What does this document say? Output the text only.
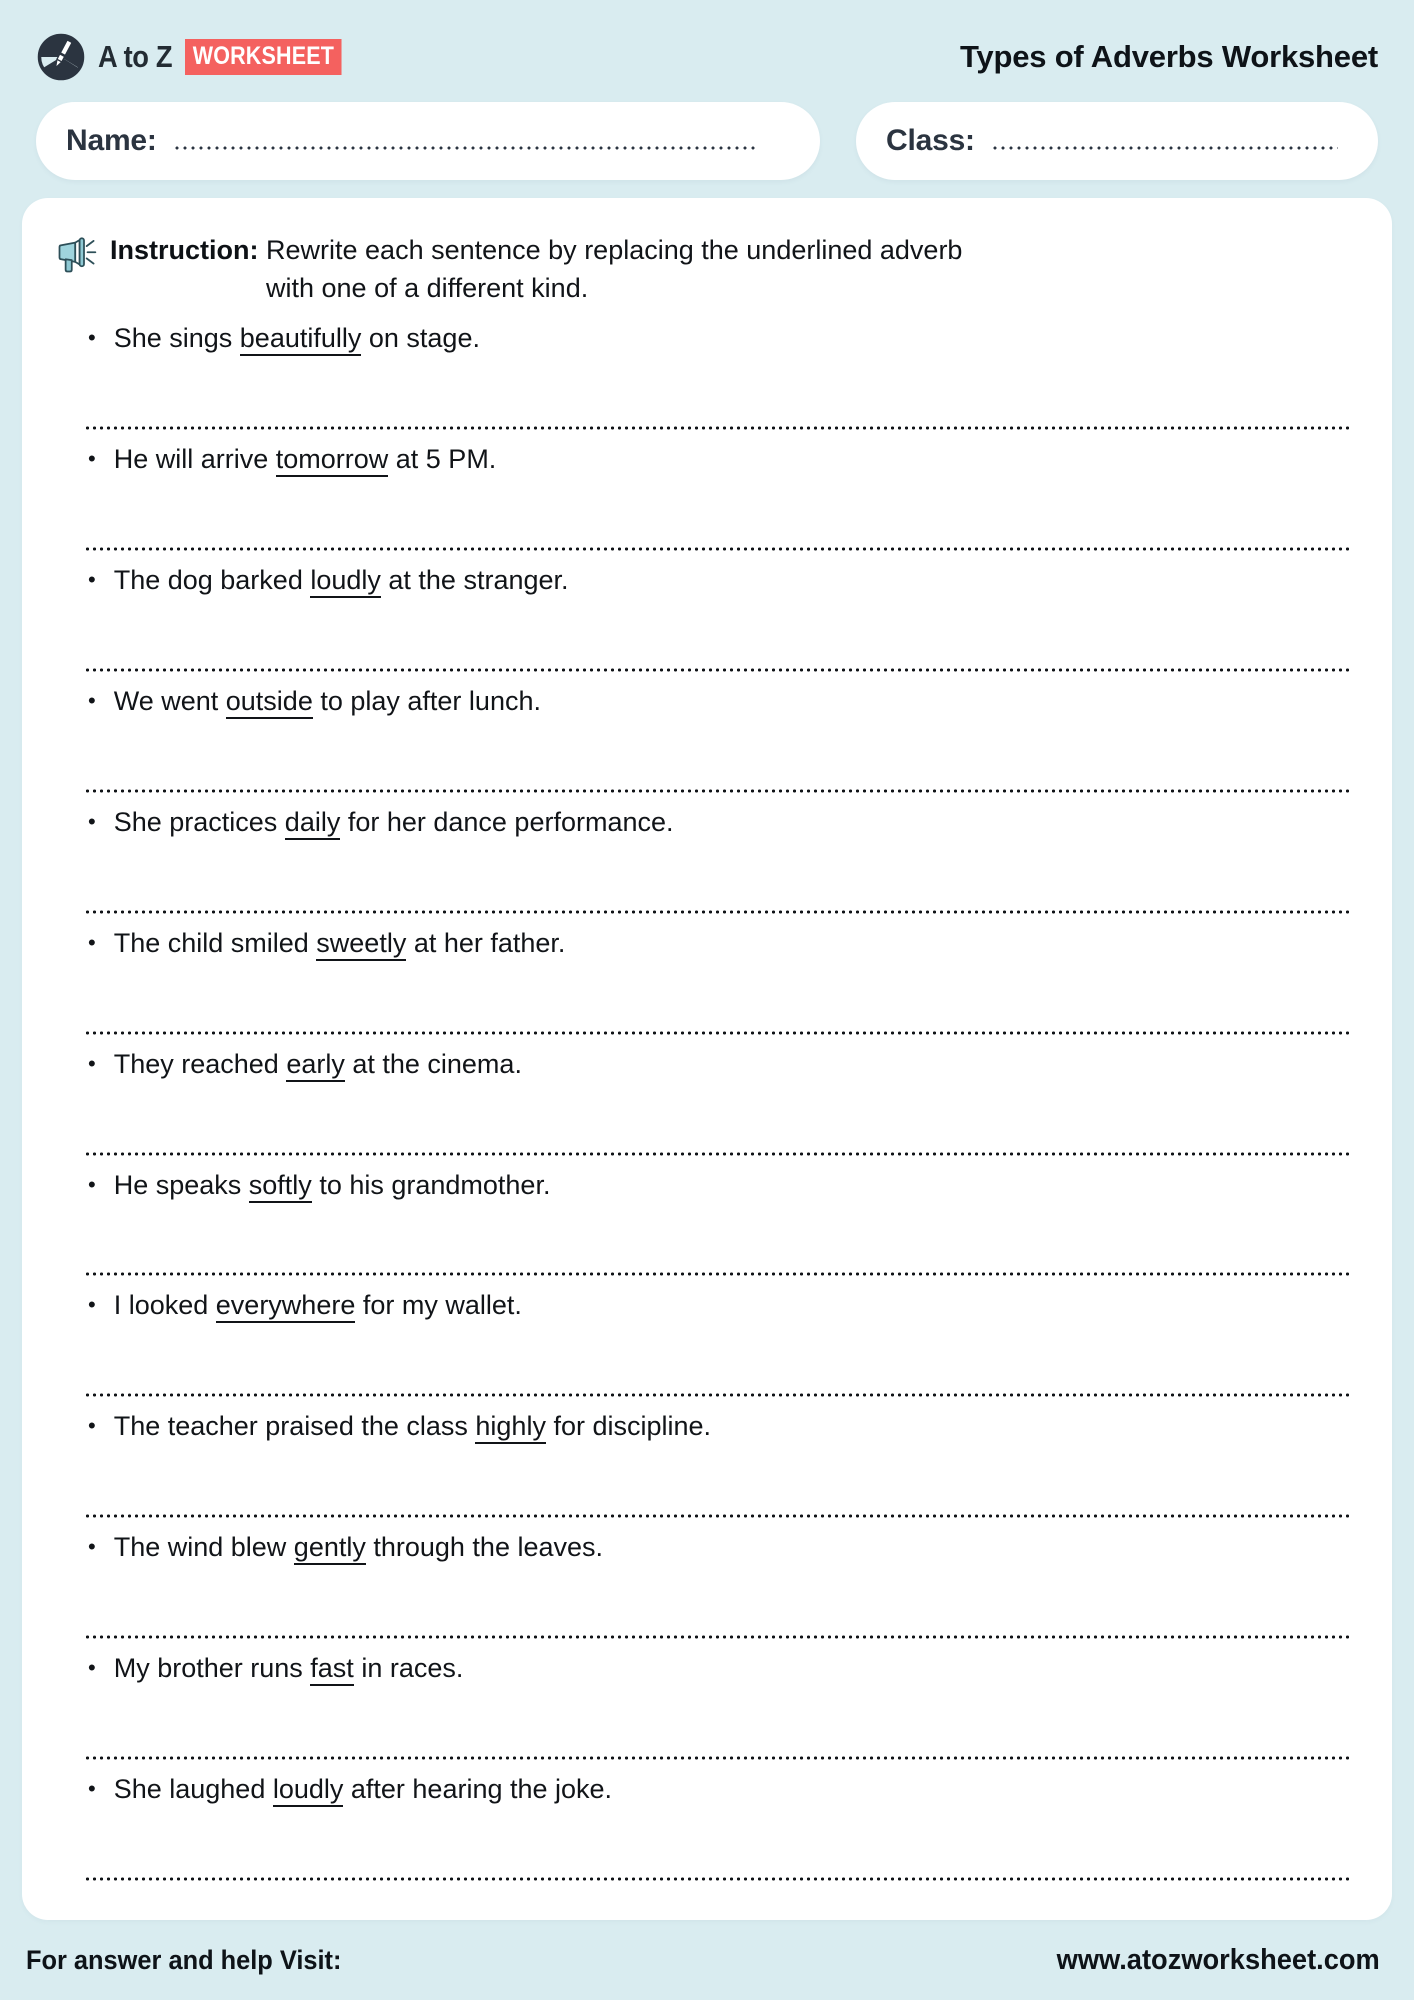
A to Z WORKSHEET	Types of Adverbs Worksheet
Name:	Class:
Instruction: Rewrite each sentence by replacing the underlined adverb
with one of a different kind.
• She sings beautifully on stage.
• He will arrive tomorrow at 5 PM.
• The dog barked loudly at the stranger.
• We went outside to play after lunch.
• She practices daily for her dance performance.
• The child smiled sweetly at her father.
• They reached early at the cinema.
• He speaks softly to his grandmother.
• I looked everywhere for my wallet.
• The teacher praised the class highly for discipline.
• The wind blew gently through the leaves.
• My brother runs fast in races.
• She laughed loudly after hearing the joke.
For answer and help Visit:	www.atozworksheet.com
